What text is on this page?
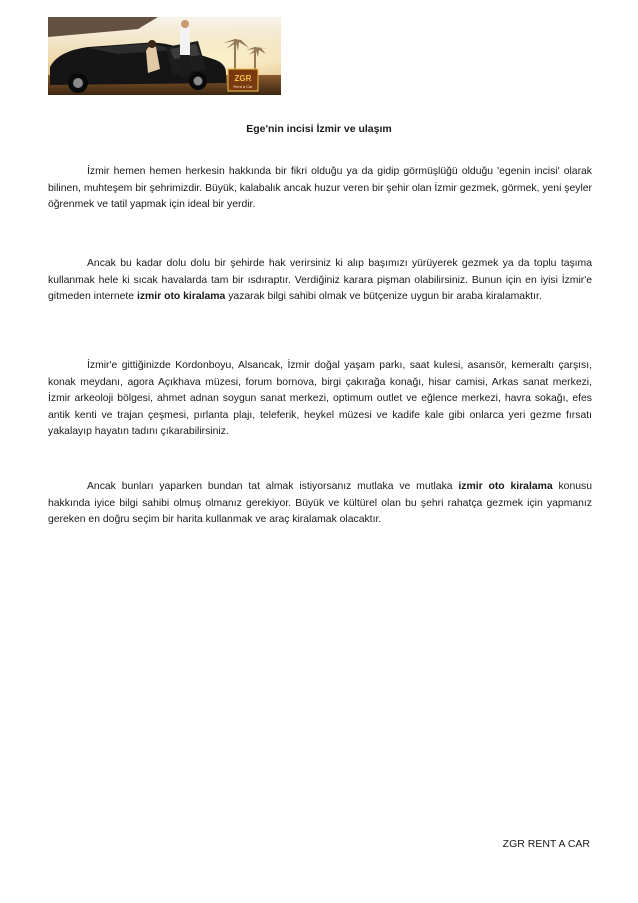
ZGR
Rent a Car
Ege'nin incisi İzmir ve ulaşım

İzmir hemen hemen herkesin hakkında bir fikri olduğu ya da gidip görmüşlüğü olduğu 'egenin incisi' olarak bilinen, muhteşem bir şehrimizdir. Büyük, kalabalık ancak huzur veren bir şehir olan İzmir gezmek, görmek, yeni şeyler öğrenmek ve tatil yapmak için ideal bir yerdir.

Ancak bu kadar dolu dolu bir şehirde hak verirsiniz ki alıp başımızı yürüyerek gezmek ya da toplu taşıma kullanmak hele ki sıcak havalarda tam bir ısdıraptır. Verdiğiniz karara pişman olabilirsiniz. Bunun için en iyisi İzmir'e gitmeden internete izmir oto kiralama yazarak bilgi sahibi olmak ve bütçenize uygun bir araba kiralamaktır.

İzmir'e gittiğinizde Kordonboyu, Alsancak, İzmir doğal yaşam parkı, saat kulesi, asansör, kemeraltı çarşısı, konak meydanı, agora Açıkhava müzesi, forum bornova, birgi çakırağa konağı, hisar camisi, Arkas sanat merkezi, İzmir arkeoloji bölgesi, ahmet adnan soygun sanat merkezi, optimum outlet ve eğlence merkezi, havra sokağı, efes antik kenti ve trajan çeşmesi, pırlanta plajı, teleferik, heykel müzesi ve kadife kale gibi onlarca yeri gezme fırsatı yakalayıp hayatın tadını çıkarabilirsiniz.

Ancak bunları yaparken bundan tat almak istiyorsanız mutlaka ve mutlaka izmir oto kiralama konusu hakkında iyice bilgi sahibi olmuş olmanız gerekiyor. Büyük ve kültürel olan bu şehri rahatça gezmek için yapmanız gereken en doğru seçim bir harita kullanmak ve araç kiralamak olacaktır.

ZGR RENT A CAR
